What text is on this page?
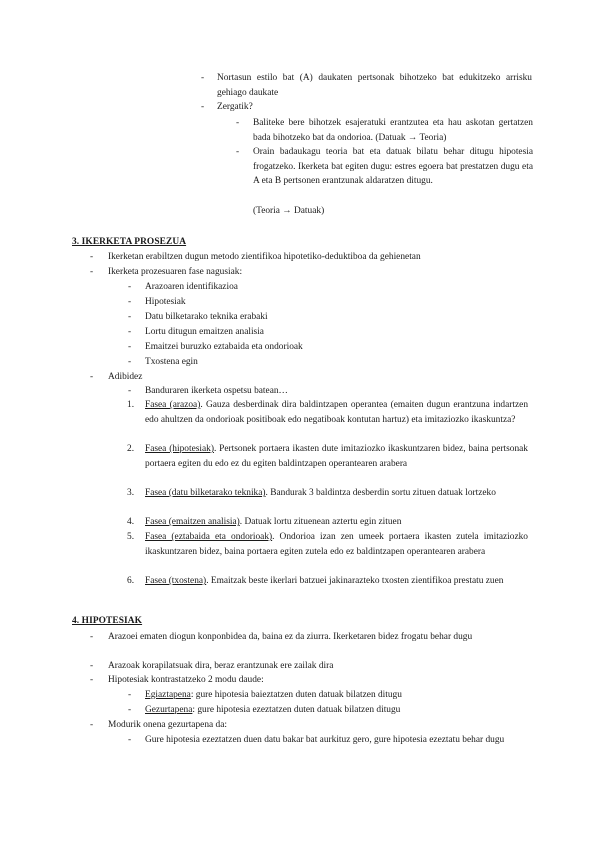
- Nortasun estilo bat (A) daukaten pertsonak bihotzeko bat edukitzeko arrisku gehiago daukate
- Zergatik?
- Baliteke bere bihotzek esajeratuki erantzutea eta hau askotan gertatzen bada bihotzeko bat da ondorioa. (Datuak → Teoria)
- Orain badaukagu teoria bat eta datuak bilatu behar ditugu hipotesia frogatzeko. Ikerketa bat egiten dugu: estres egoera bat prestatzen dugu eta A eta B pertsonen erantzunak aldaratzen ditugu.
(Teoria → Datuak)
3. IKERKETA PROSEZUA
- Ikerketan erabiltzen dugun metodo zientifikoa hipotetiko-deduktiboa da gehienetan
- Ikerketa prozesuaren fase nagusiak:
- Arazoaren identifikazioa
- Hipotesiak
- Datu bilketarako teknika erabaki
- Lortu ditugun emaitzen analisia
- Emaitzei buruzko eztabaida eta ondorioak
- Txostena egin
- Adibidez
- Banduraren ikerketa ospetsu batean…
1. Fasea (arazoa). Gauza desberdinak dira baldintzapen operantea (emaiten dugun erantzuna indartzen edo ahultzen da ondorioak positiboak edo negatiboak kontutan hartuz) eta imitaziozko ikaskuntza?
2. Fasea (hipotesiak). Pertsonek portaera ikasten dute imitaziozko ikaskuntzaren bidez, baina pertsonak portaera egiten du edo ez du egiten baldintzapen operantearen arabera
3. Fasea (datu bilketarako teknika). Bandurak 3 baldintza desberdin sortu zituen datuak lortzeko
4. Fasea (emaitzen analisia). Datuak lortu zituenean aztertu egin zituen
5. Fasea (eztabaida eta ondorioak). Ondorioa izan zen umeek portaera ikasten zutela imitaziozko ikaskuntzaren bidez, baina portaera egiten zutela edo ez baldintzapen operantearen arabera
6. Fasea (txostena). Emaitzak beste ikerlari batzuei jakinarazteko txosten zientifikoa prestatu zuen
4. HIPOTESIAK
- Arazoei ematen diogun konponbidea da, baina ez da ziurra. Ikerketaren bidez frogatu behar dugu
- Arazoak korapilatsuak dira, beraz erantzunak ere zailak dira
- Hipotesiak kontrastatzeko 2 modu daude:
- Egiaztapena: gure hipotesia baieztatzen duten datuak bilatzen ditugu
- Gezurtapena: gure hipotesia ezeztatzen duten datuak bilatzen ditugu
- Modurik onena gezurtapena da:
- Gure hipotesia ezeztatzen duen datu bakar bat aurkituz gero, gure hipotesia ezeztatu behar dugu
